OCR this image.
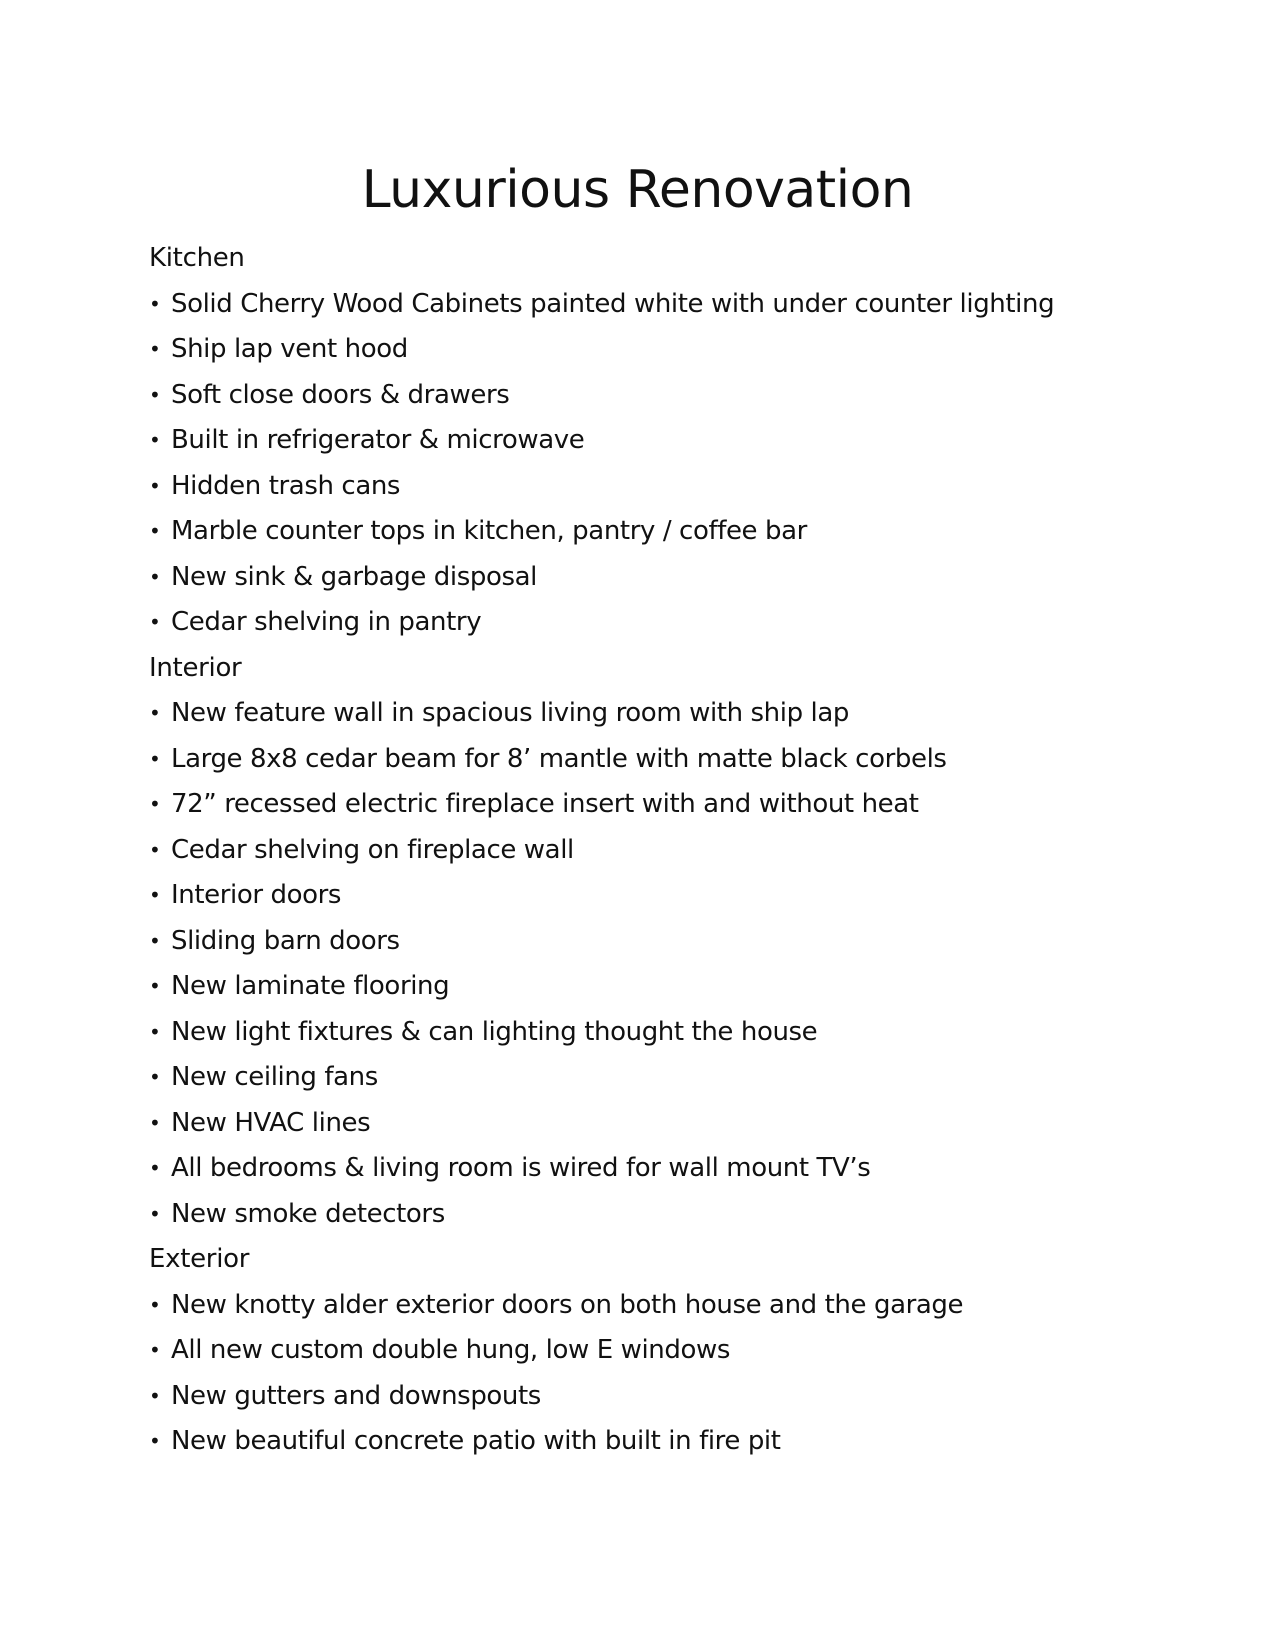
Luxurious Renovation
Kitchen
• Solid Cherry Wood Cabinets painted white with under counter lighting
• Ship lap vent hood
• Soft close doors & drawers
• Built in refrigerator & microwave
• Hidden trash cans
• Marble counter tops in kitchen, pantry / coffee bar
• New sink & garbage disposal
• Cedar shelving in pantry
Interior
• New feature wall in spacious living room with ship lap
• Large 8x8 cedar beam for 8’ mantle with matte black corbels
• 72” recessed electric fireplace insert with and without heat
• Cedar shelving on fireplace wall
• Interior doors
• Sliding barn doors
• New laminate flooring
• New light fixtures & can lighting thought the house
• New ceiling fans
• New HVAC lines
• All bedrooms & living room is wired for wall mount TV’s
• New smoke detectors
Exterior
• New knotty alder exterior doors on both house and the garage
• All new custom double hung, low E windows
• New gutters and downspouts
• New beautiful concrete patio with built in fire pit
